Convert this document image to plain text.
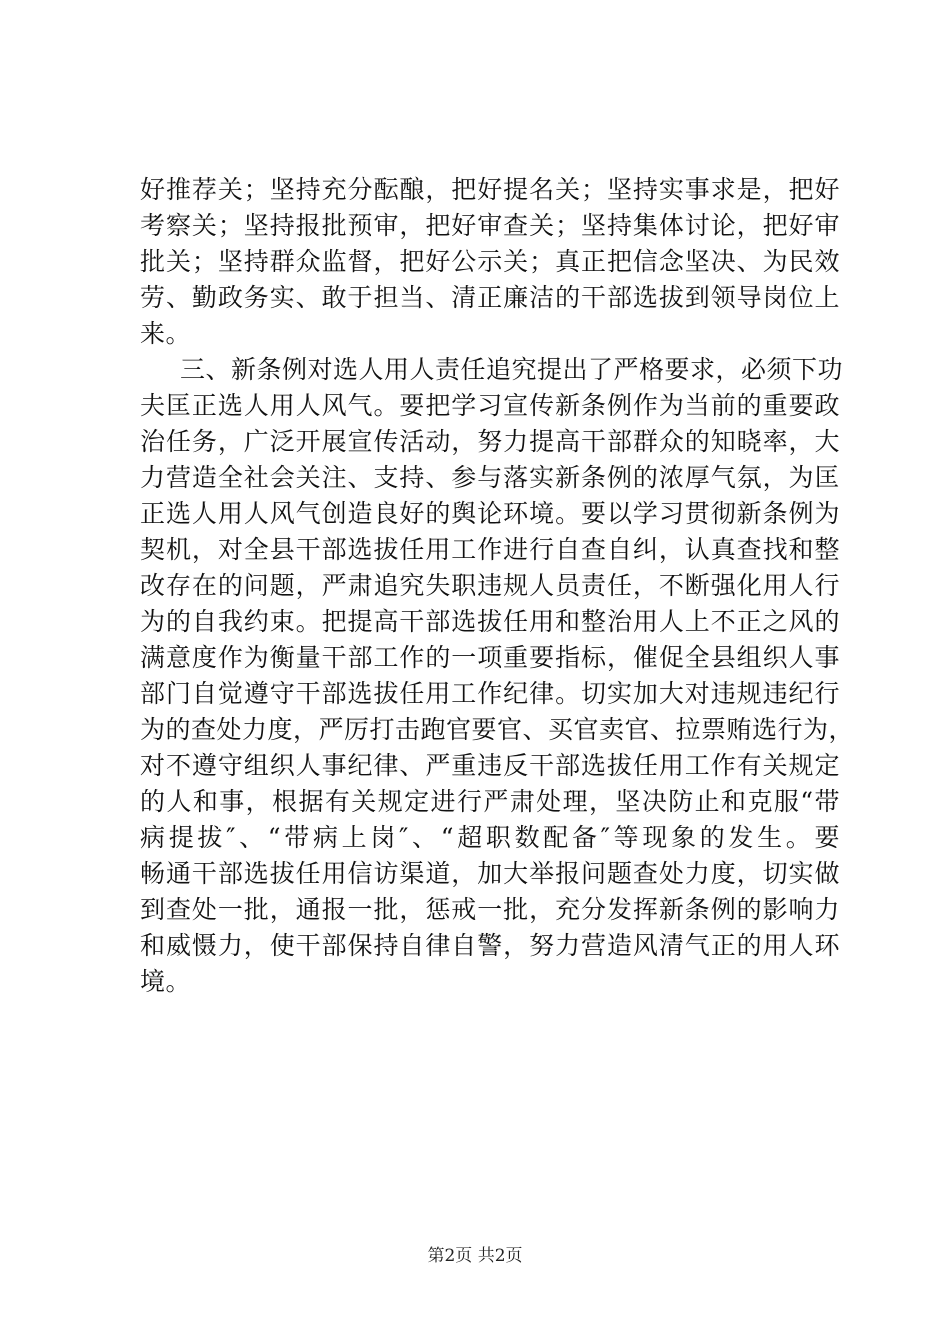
好推荐关；坚持充分酝酿，把好提名关；坚持实事求是，把好
考察关；坚持报批预审，把好审查关；坚持集体讨论，把好审
批关；坚持群众监督，把好公示关；真正把信念坚决、为民效
劳、勤政务实、敢于担当、清正廉洁的干部选拔到领导岗位上
来。
三、新条例对选人用人责任追究提出了严格要求，必须下功
夫匡正选人用人风气。要把学习宣传新条例作为当前的重要政
治任务，广泛开展宣传活动，努力提高干部群众的知晓率，大
力营造全社会关注、支持、参与落实新条例的浓厚气氛，为匡
正选人用人风气创造良好的舆论环境。要以学习贯彻新条例为
契机，对全县干部选拔任用工作进行自查自纠，认真查找和整
改存在的问题，严肃追究失职违规人员责任，不断强化用人行
为的自我约束。把提高干部选拔任用和整治用人上不正之风的
满意度作为衡量干部工作的一项重要指标，催促全县组织人事
部门自觉遵守干部选拔任用工作纪律。切实加大对违规违纪行
为的查处力度，严厉打击跑官要官、买官卖官、拉票贿选行为，
对不遵守组织人事纪律、严重违反干部选拔任用工作有关规定
的人和事，根据有关规定进行严肃处理，坚决防止和克服“带
病提拔″、“带病上岗″、“超职数配备″等现象的发生。要
畅通干部选拔任用信访渠道，加大举报问题查处力度，切实做
到查处一批，通报一批，惩戒一批，充分发挥新条例的影响力
和威慑力，使干部保持自律自警，努力营造风清气正的用人环
境。
第2页 共2页
